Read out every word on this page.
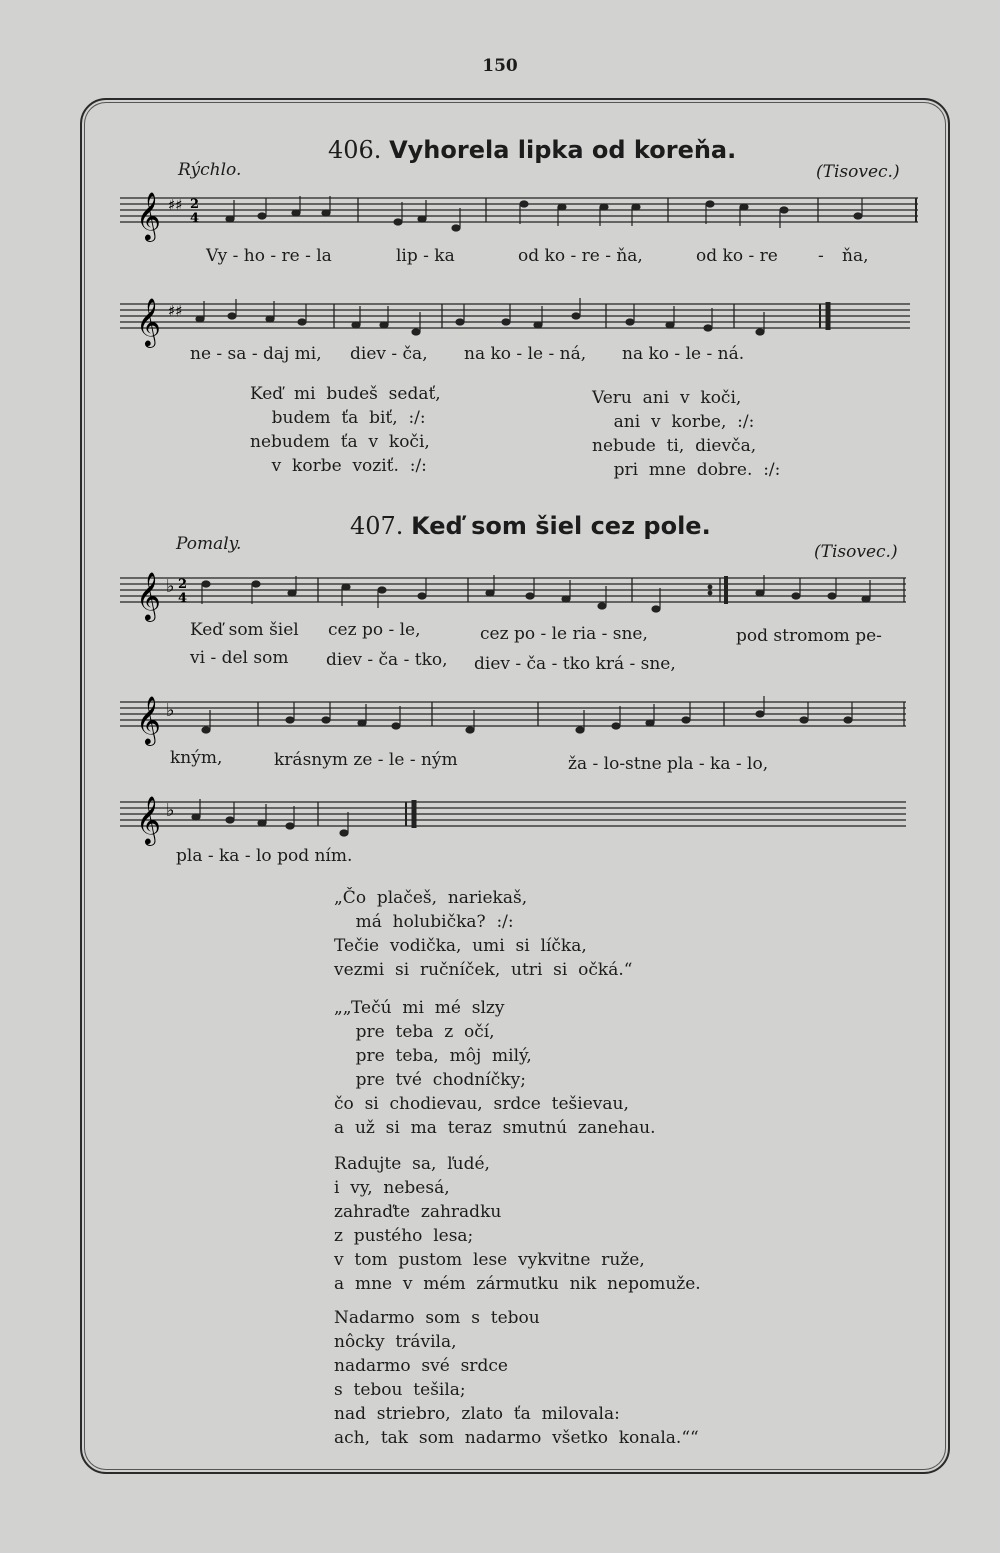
150
406. Vyhorela lipka od koreňa.
Rýchlo.	(Tisovec.)
𝄞 ♯♯ 2
4
Vy - ho - re - la	lip - ka	od ko - re - ňa,	od ko - re - ňa,
𝄞 ♯♯
ne - sa - daj mi, diev - ča, na ko - le - ná, na ko - le - ná.
Keď  mi  budeš  sedať,
budem  ťa  biť,  :/:
nebudem  ťa  v  koči,
v  korbe  voziť.  :/:
Veru  ani  v  koči,
ani  v  korbe,  :/:
nebude  ti,  dievča,
pri  mne  dobre.  :/:
407. Keď som šiel cez pole.
Pomaly.	(Tisovec.)
𝄞 ♭ 2
4
Keď som šiel cez po - le,	cez po - le ria - sne,	pod stromom pe-
vi - del som diev - ča - tko, diev - ča - tko krá - sne,
𝄞 ♭
kným,	krásnym ze - le - ným	ža - lo-stne pla - ka - lo,
𝄞 ♭
pla - ka - lo pod ním.
„Čo  plačeš,  nariekaš,
má  holubička?  :/:
Tečie  vodička,  umi  si  líčka,
vezmi  si  ručníček,  utri  si  očká.“
„„Tečú  mi  mé  slzy
pre  teba  z  očí,
pre  teba,  môj  milý,
pre  tvé  chodníčky;
čo  si  chodievau,  srdce  tešievau,
a  už  si  ma  teraz  smutnú  zanehau.
Radujte  sa,  ľudé,
i  vy,  nebesá,
zahraďte  zahradku
z  pustého  lesa;
v  tom  pustom  lese  vykvitne  ruže,
a  mne  v  mém  zármutku  nik  nepomuže.
Nadarmo  som  s  tebou
nôcky  trávila,
nadarmo  své  srdce
s  tebou  tešila;
nad  striebro,  zlato  ťa  milovala:
ach,  tak  som  nadarmo  všetko  konala.““
